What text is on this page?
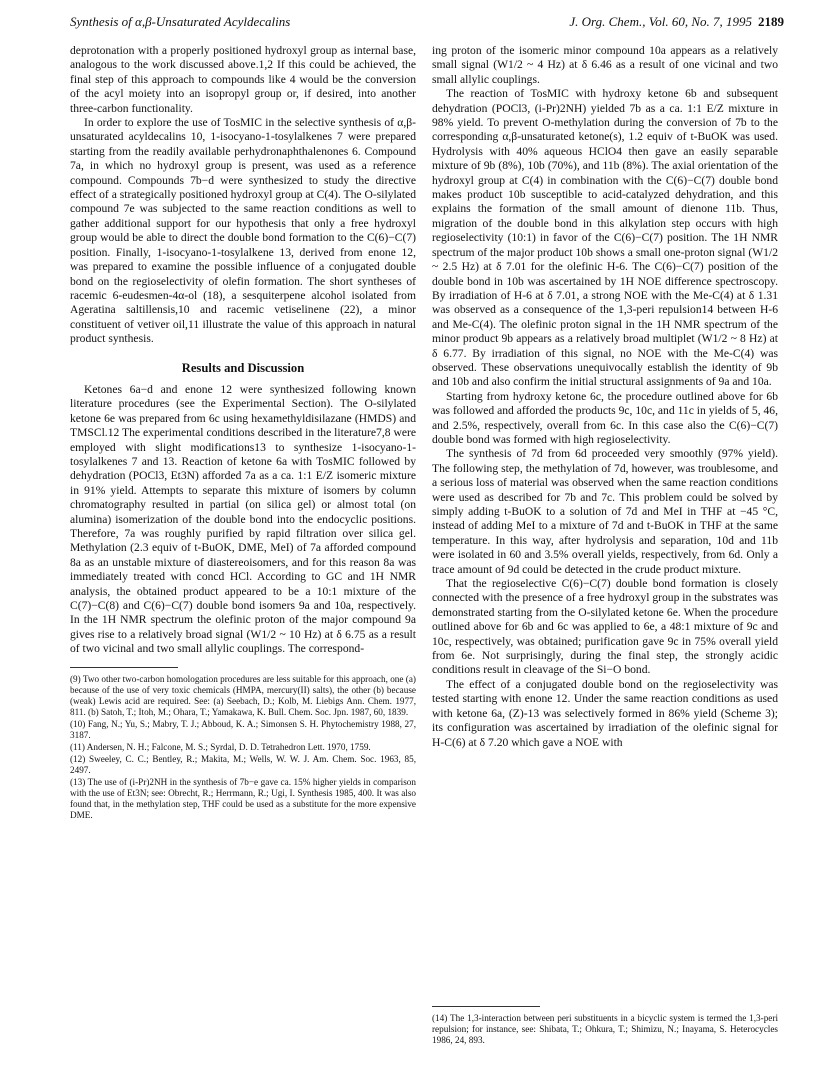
Synthesis of α,β-Unsaturated Acyldecalins	J. Org. Chem., Vol. 60, No. 7, 1995 2189

deprotonation with a properly positioned hydroxyl group as internal base, analogous to the work discussed above.1,2 If this could be achieved, the final step of this approach to compounds like 4 would be the conversion of the acyl moiety into an isopropyl group or, if desired, into another three-carbon functionality.

In order to explore the use of TosMIC in the selective synthesis of α,β-unsaturated acyldecalins 10, 1-isocyano-1-tosylalkenes 7 were prepared starting from the readily available perhydronaphthalenones 6. Compound 7a, in which no hydroxyl group is present, was used as a reference compound. Compounds 7b−d were synthesized to study the directive effect of a strategically positioned hydroxyl group at C(4). The O-silylated compound 7e was subjected to the same reaction conditions as well to gather additional support for our hypothesis that only a free hydroxyl group would be able to direct the double bond formation to the C(6)−C(7) position. Finally, 1-isocyano-1-tosylalkene 13, derived from enone 12, was prepared to examine the possible influence of a conjugated double bond on the regioselectivity of olefin formation. The short syntheses of racemic 6-eudesmen-4α-ol (18), a sesquiterpene alcohol isolated from Ageratina saltillensis,10 and racemic vetiselinene (22), a minor constituent of vetiver oil,11 illustrate the value of this approach in natural product synthesis.

Results and Discussion

Ketones 6a−d and enone 12 were synthesized following known literature procedures (see the Experimental Section). The O-silylated ketone 6e was prepared from 6c using hexamethyldisilazane (HMDS) and TMSCl.12 The experimental conditions described in the literature7,8 were employed with slight modifications13 to synthesize 1-isocyano-1-tosylalkenes 7 and 13. Reaction of ketone 6a with TosMIC followed by dehydration (POCl3, Et3N) afforded 7a as a ca. 1:1 E/Z isomeric mixture in 91% yield. Attempts to separate this mixture of isomers by column chromatography resulted in partial (on silica gel) or almost total (on alumina) isomerization of the double bond into the endocyclic positions. Therefore, 7a was roughly purified by rapid filtration over silica gel. Methylation (2.3 equiv of t-BuOK, DME, MeI) of 7a afforded compound 8a as an unstable mixture of diastereoisomers, and for this reason 8a was immediately treated with concd HCl. According to GC and 1H NMR analysis, the obtained product appeared to be a 10:1 mixture of the C(7)−C(8) and C(6)−C(7) double bond isomers 9a and 10a, respectively. In the 1H NMR spectrum the olefinic proton of the major compound 9a gives rise to a relatively broad signal (W1/2 ~ 10 Hz) at δ 6.75 as a result of two vicinal and two small allylic couplings. The correspond-

(9) Two other two-carbon homologation procedures are less suitable for this approach, one (a) because of the use of very toxic chemicals (HMPA, mercury(II) salts), the other (b) because (weak) Lewis acid are required. See: (a) Seebach, D.; Kolb, M. Liebigs Ann. Chem. 1977, 811. (b) Satoh, T.; Itoh, M.; Ohara, T.; Yamakawa, K. Bull. Chem. Soc. Jpn. 1987, 60, 1839.

(10) Fang, N.; Yu, S.; Mabry, T. J.; Abboud, K. A.; Simonsen S. H. Phytochemistry 1988, 27, 3187.

(11) Andersen, N. H.; Falcone, M. S.; Syrdal, D. D. Tetrahedron Lett. 1970, 1759.

(12) Sweeley, C. C.; Bentley, R.; Makita, M.; Wells, W. W. J. Am. Chem. Soc. 1963, 85, 2497.

(13) The use of (i-Pr)2NH in the synthesis of 7b−e gave ca. 15% higher yields in comparison with the use of Et3N; see: Obrecht, R.; Herrmann, R.; Ugi, I. Synthesis 1985, 400. It was also found that, in the methylation step, THF could be used as a substitute for the more expensive DME.

ing proton of the isomeric minor compound 10a appears as a relatively small signal (W1/2 ~ 4 Hz) at δ 6.46 as a result of one vicinal and two small allylic couplings.

The reaction of TosMIC with hydroxy ketone 6b and subsequent dehydration (POCl3, (i-Pr)2NH) yielded 7b as a ca. 1:1 E/Z mixture in 98% yield. To prevent O-methylation during the conversion of 7b to the corresponding α,β-unsaturated ketone(s), 1.2 equiv of t-BuOK was used. Hydrolysis with 40% aqueous HClO4 then gave an easily separable mixture of 9b (8%), 10b (70%), and 11b (8%). The axial orientation of the hydroxyl group at C(4) in combination with the C(6)−C(7) double bond makes product 10b susceptible to acid-catalyzed dehydration, and this explains the formation of the small amount of dienone 11b. Thus, migration of the double bond in this alkylation step occurs with high regioselectivity (10:1) in favor of the C(6)−C(7) position. The 1H NMR spectrum of the major product 10b shows a small one-proton signal (W1/2 ~ 2.5 Hz) at δ 7.01 for the olefinic H-6. The C(6)−C(7) position of the double bond in 10b was ascertained by 1H NOE difference spectroscopy. By irradiation of H-6 at δ 7.01, a strong NOE with the Me-C(4) at δ 1.31 was observed as a consequence of the 1,3-peri repulsion14 between H-6 and Me-C(4). The olefinic proton signal in the 1H NMR spectrum of the minor product 9b appears as a relatively broad multiplet (W1/2 ~ 8 Hz) at δ 6.77. By irradiation of this signal, no NOE with the Me-C(4) was observed. These observations unequivocally establish the identity of 9b and 10b and also confirm the initial structural assignments of 9a and 10a.

Starting from hydroxy ketone 6c, the procedure outlined above for 6b was followed and afforded the products 9c, 10c, and 11c in yields of 5, 46, and 2.5%, respectively, overall from 6c. In this case also the C(6)−C(7) double bond was formed with high regioselectivity.

The synthesis of 7d from 6d proceeded very smoothly (97% yield). The following step, the methylation of 7d, however, was troublesome, and a serious loss of material was observed when the same reaction conditions were used as described for 7b and 7c. This problem could be solved by simply adding t-BuOK to a solution of 7d and MeI in THF at −45 °C, instead of adding MeI to a mixture of 7d and t-BuOK in THF at the same temperature. In this way, after hydrolysis and separation, 10d and 11b were isolated in 60 and 3.5% overall yields, respectively, from 6d. Only a trace amount of 9d could be detected in the crude product mixture.

That the regioselective C(6)−C(7) double bond formation is closely connected with the presence of a free hydroxyl group in the substrates was demonstrated starting from the O-silylated ketone 6e. When the procedure outlined above for 6b and 6c was applied to 6e, a 48:1 mixture of 9c and 10c, respectively, was obtained; purification gave 9c in 75% overall yield from 6e. Not surprisingly, during the final step, the strongly acidic conditions result in cleavage of the Si−O bond.

The effect of a conjugated double bond on the regioselectivity was tested starting with enone 12. Under the same reaction conditions as used with ketone 6a, (Z)-13 was selectively formed in 86% yield (Scheme 3); its configuration was ascertained by irradiation of the olefinic signal for H-C(6) at δ 7.20 which gave a NOE with

(14) The 1,3-interaction between peri substituents in a bicyclic system is termed the 1,3-peri repulsion; for instance, see: Shibata, T.; Ohkura, T.; Shimizu, N.; Inayama, S. Heterocycles 1986, 24, 893.
